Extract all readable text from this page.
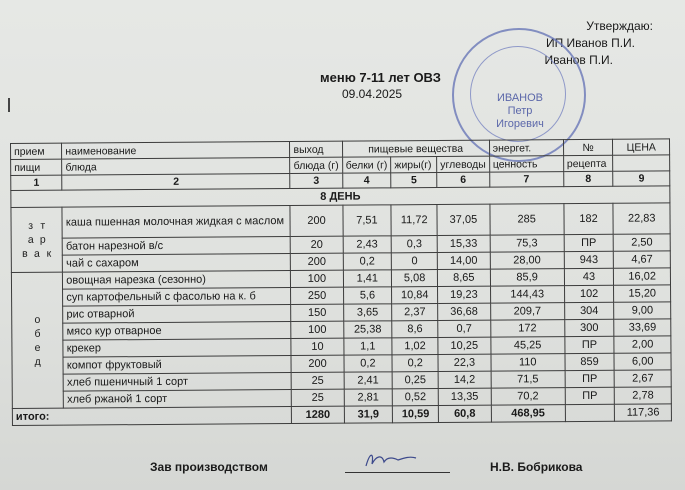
Утверждаю:
ИП Иванов П.И.
Иванов П.И.
ИВАНОВ
Петр
Игоревич
меню 7-11 лет ОВЗ
09.04.2025
прием	наименование	выход	пищевые вещества			энергет.	№	ЦЕНА
пищи	блюда	блюда (г)	белки (г)	жиры(г)	углеводы	ценность	рецепта	
1	2	3	4	5	6	7	8	9
8 ДЕНЬ								

з т
а р
в а к	каша пшенная молочная жидкая с маслом	200	7,51	11,72	37,05	285	182	22,83
	батон нарезной в/с	20	2,43	0,3	15,33	75,3	ПР	2,50
	чай с сахаром	200	0,2	0	14,00	28,00	943	4,67

о
б
е
д	овощная нарезка (сезонно)	100	1,41	5,08	8,65	85,9	43	16,02
	суп картофельный с фасолью на к. б	250	5,6	10,84	19,23	144,43	102	15,20
	рис отварной	150	3,65	2,37	36,68	209,7	304	9,00
	мясо кур отварное	100	25,38	8,6	0,7	172	300	33,69
	крекер	10	1,1	1,02	10,25	45,25	ПР	2,00
	компот фруктовый	200	0,2	0,2	22,3	110	859	6,00
	хлеб пшеничный 1 сорт	25	2,41	0,25	14,2	71,5	ПР	2,67
	хлеб ржаной 1 сорт	25	2,81	0,52	13,35	70,2	ПР	2,78
итого:		1280	31,9	10,59	60,8	468,95		117,36
Зав производством	Н.В. Бобрикова
